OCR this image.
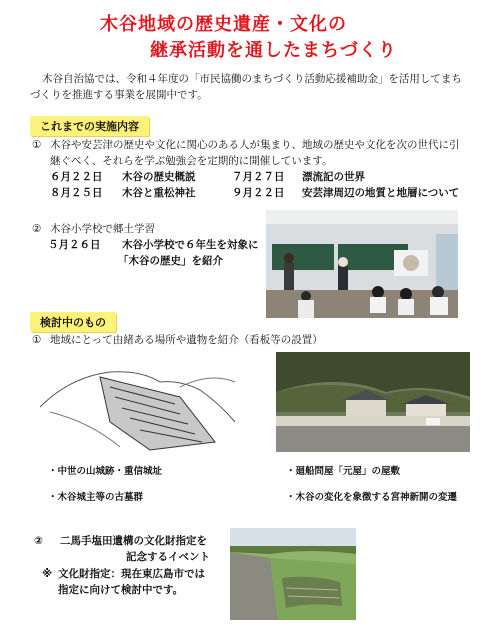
木谷地域の歴史遺産・文化の
継承活動を通したまちづくり
木谷自治協では、令和４年度の「市民協働のまちづくり活動応援補助金」を活用してまち
づくりを推進する事業を展開中です。
これまでの実施内容
① 木谷や安芸津の歴史や文化に関心のある人が集まり、地域の歴史や文化を次の世代に引
継ぐべく、それらを学ぶ勉強会を定期的に開催しています。
６月２２日 木谷の歴史概説	７月２７日 漂流記の世界
８月２５日 木谷と重松神社	９月２２日 安芸津周辺の地質と地層について
② 木谷小学校で郷土学習
５月２６日 木谷小学校で６年生を対象に
「木谷の歴史」を紹介
検討中のもの
① 地域にとって由緒ある場所や遺物を紹介（看板等の設置）
・中世の山城跡・重信城址	・廻船問屋「元屋」の屋敷
・木谷城主等の古墓群	・木谷の変化を象徴する宮神新開の変遷
② 二馬手塩田遺構の文化財指定を
記念するイベント
※ 文化財指定：現在東広島市では
指定に向けて検討中です。
